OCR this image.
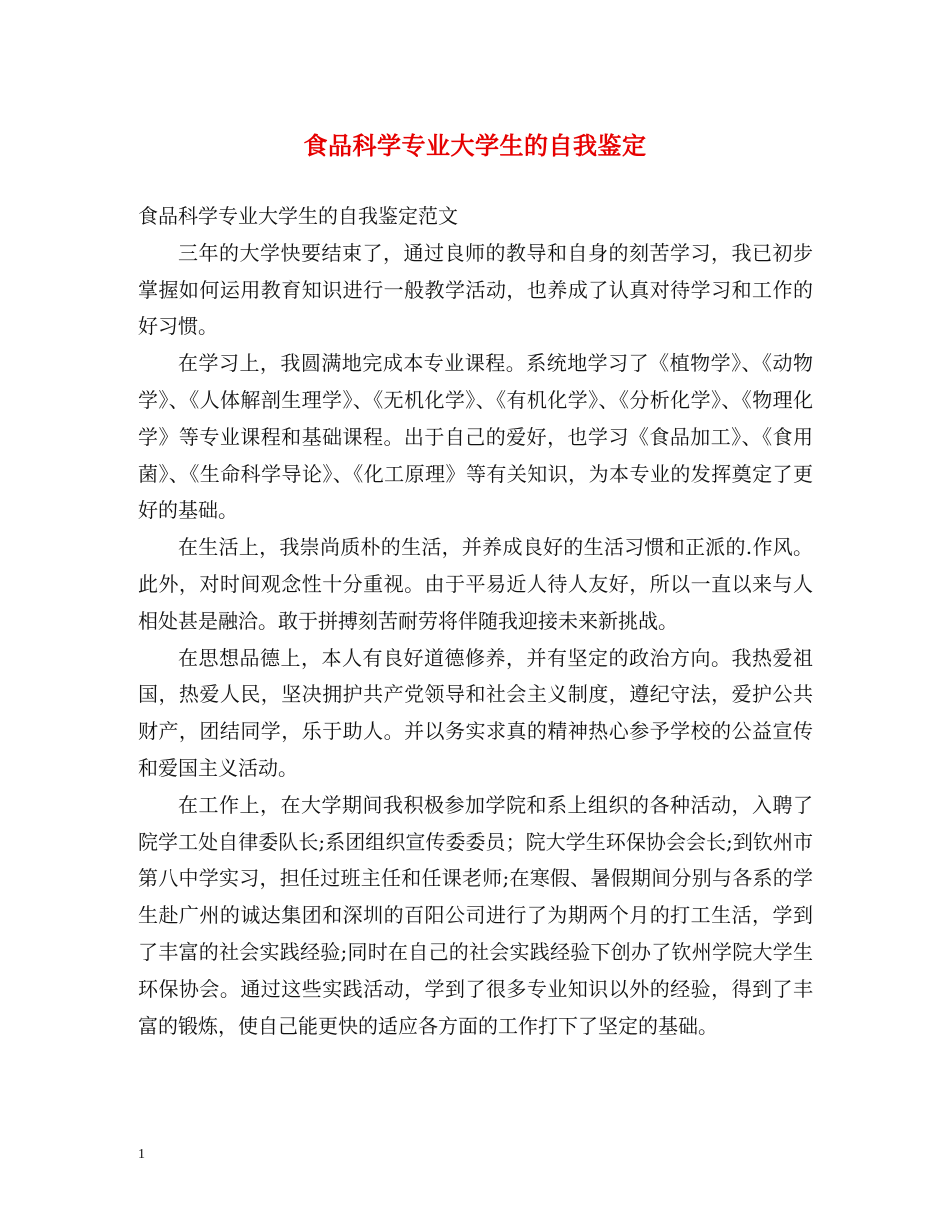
食品科学专业大学生的自我鉴定

食品科学专业大学生的自我鉴定范文

三年的大学快要结束了，通过良师的教导和自身的刻苦学习，我已初步掌握如何运用教育知识进行一般教学活动，也养成了认真对待学习和工作的好习惯。

在学习上，我圆满地完成本专业课程。系统地学习了《植物学》、《动物学》、《人体解剖生理学》、《无机化学》、《有机化学》、《分析化学》、《物理化学》等专业课程和基础课程。出于自己的爱好，也学习《食品加工》、《食用菌》、《生命科学导论》、《化工原理》等有关知识，为本专业的发挥奠定了更好的基础。

在生活上，我崇尚质朴的生活，并养成良好的生活习惯和正派的.作风。此外，对时间观念性十分重视。由于平易近人待人友好，所以一直以来与人相处甚是融洽。敢于拼搏刻苦耐劳将伴随我迎接未来新挑战。

在思想品德上，本人有良好道德修养，并有坚定的政治方向。我热爱祖国，热爱人民，坚决拥护共产党领导和社会主义制度，遵纪守法，爱护公共财产，团结同学，乐于助人。并以务实求真的精神热心参予学校的公益宣传和爱国主义活动。

在工作上，在大学期间我积极参加学院和系上组织的各种活动，入聘了院学工处自律委队长;系团组织宣传委委员；院大学生环保协会会长;到钦州市第八中学实习，担任过班主任和任课老师;在寒假、暑假期间分别与各系的学生赴广州的诚达集团和深圳的百阳公司进行了为期两个月的打工生活，学到了丰富的社会实践经验;同时在自己的社会实践经验下创办了钦州学院大学生环保协会。通过这些实践活动，学到了很多专业知识以外的经验，得到了丰富的锻炼，使自己能更快的适应各方面的工作打下了坚定的基础。

1
